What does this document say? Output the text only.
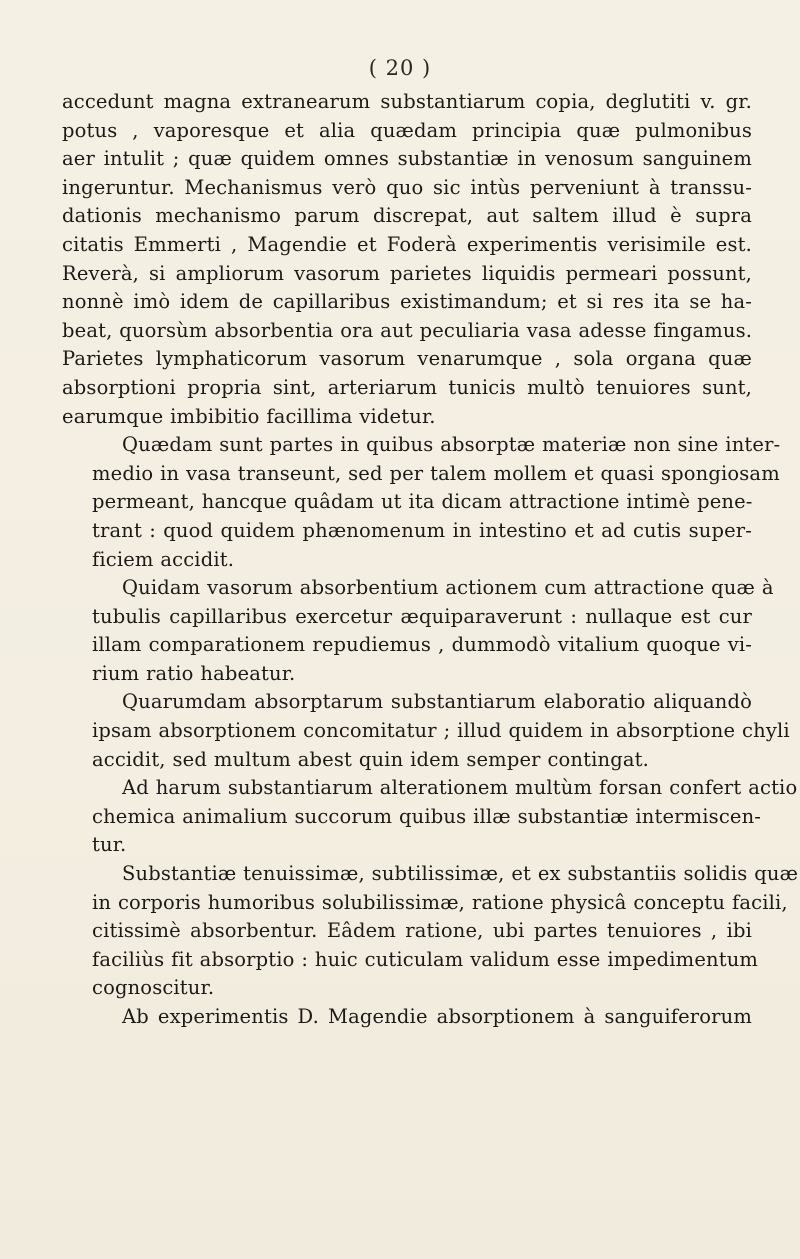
( 20 )
accedunt magna extranearum substantiarum copia, deglutiti v. gr.
potus , vaporesque et alia quædam principia quæ pulmonibus
aer intulit ; quæ quidem omnes substantiæ in venosum sanguinem
ingeruntur. Mechanismus verò quo sic intùs perveniunt à transsu-
dationis mechanismo parum discrepat, aut saltem illud è supra
citatis Emmerti , Magendie et Foderà experimentis verisimile est.
Reverà, si ampliorum vasorum parietes liquidis permeari possunt,
nonnè imò idem de capillaribus existimandum; et si res ita se ha-
beat, quorsùm absorbentia ora aut peculiaria vasa adesse fingamus.
Parietes lymphaticorum vasorum venarumque , sola organa quæ
absorptioni propria sint, arteriarum tunicis multò tenuiores sunt,
earumque imbibitio facillima videtur.
Quædam sunt partes in quibus absorptæ materiæ non sine inter-
medio in vasa transeunt, sed per talem mollem et quasi spongiosam
permeant, hancque quâdam ut ita dicam attractione intimè pene-
trant : quod quidem phænomenum in intestino et ad cutis super-
ficiem accidit.
Quidam vasorum absorbentium actionem cum attractione quæ à
tubulis capillaribus exercetur æquiparaverunt : nullaque est cur
illam comparationem repudiemus , dummodò vitalium quoque vi-
rium ratio habeatur.
Quarumdam absorptarum substantiarum elaboratio aliquandò
ipsam absorptionem concomitatur ; illud quidem in absorptione chyli
accidit, sed multum abest quin idem semper contingat.
Ad harum substantiarum alterationem multùm forsan confert actio
chemica animalium succorum quibus illæ substantiæ intermiscen-
tur.
Substantiæ tenuissimæ, subtilissimæ, et ex substantiis solidis quæ
in corporis humoribus solubilissimæ, ratione physicâ conceptu facili,
citissimè absorbentur. Eâdem ratione, ubi partes tenuiores , ibi
faciliùs fit absorptio : huic cuticulam validum esse impedimentum
cognoscitur.
Ab experimentis D. Magendie absorptionem à sanguiferorum
